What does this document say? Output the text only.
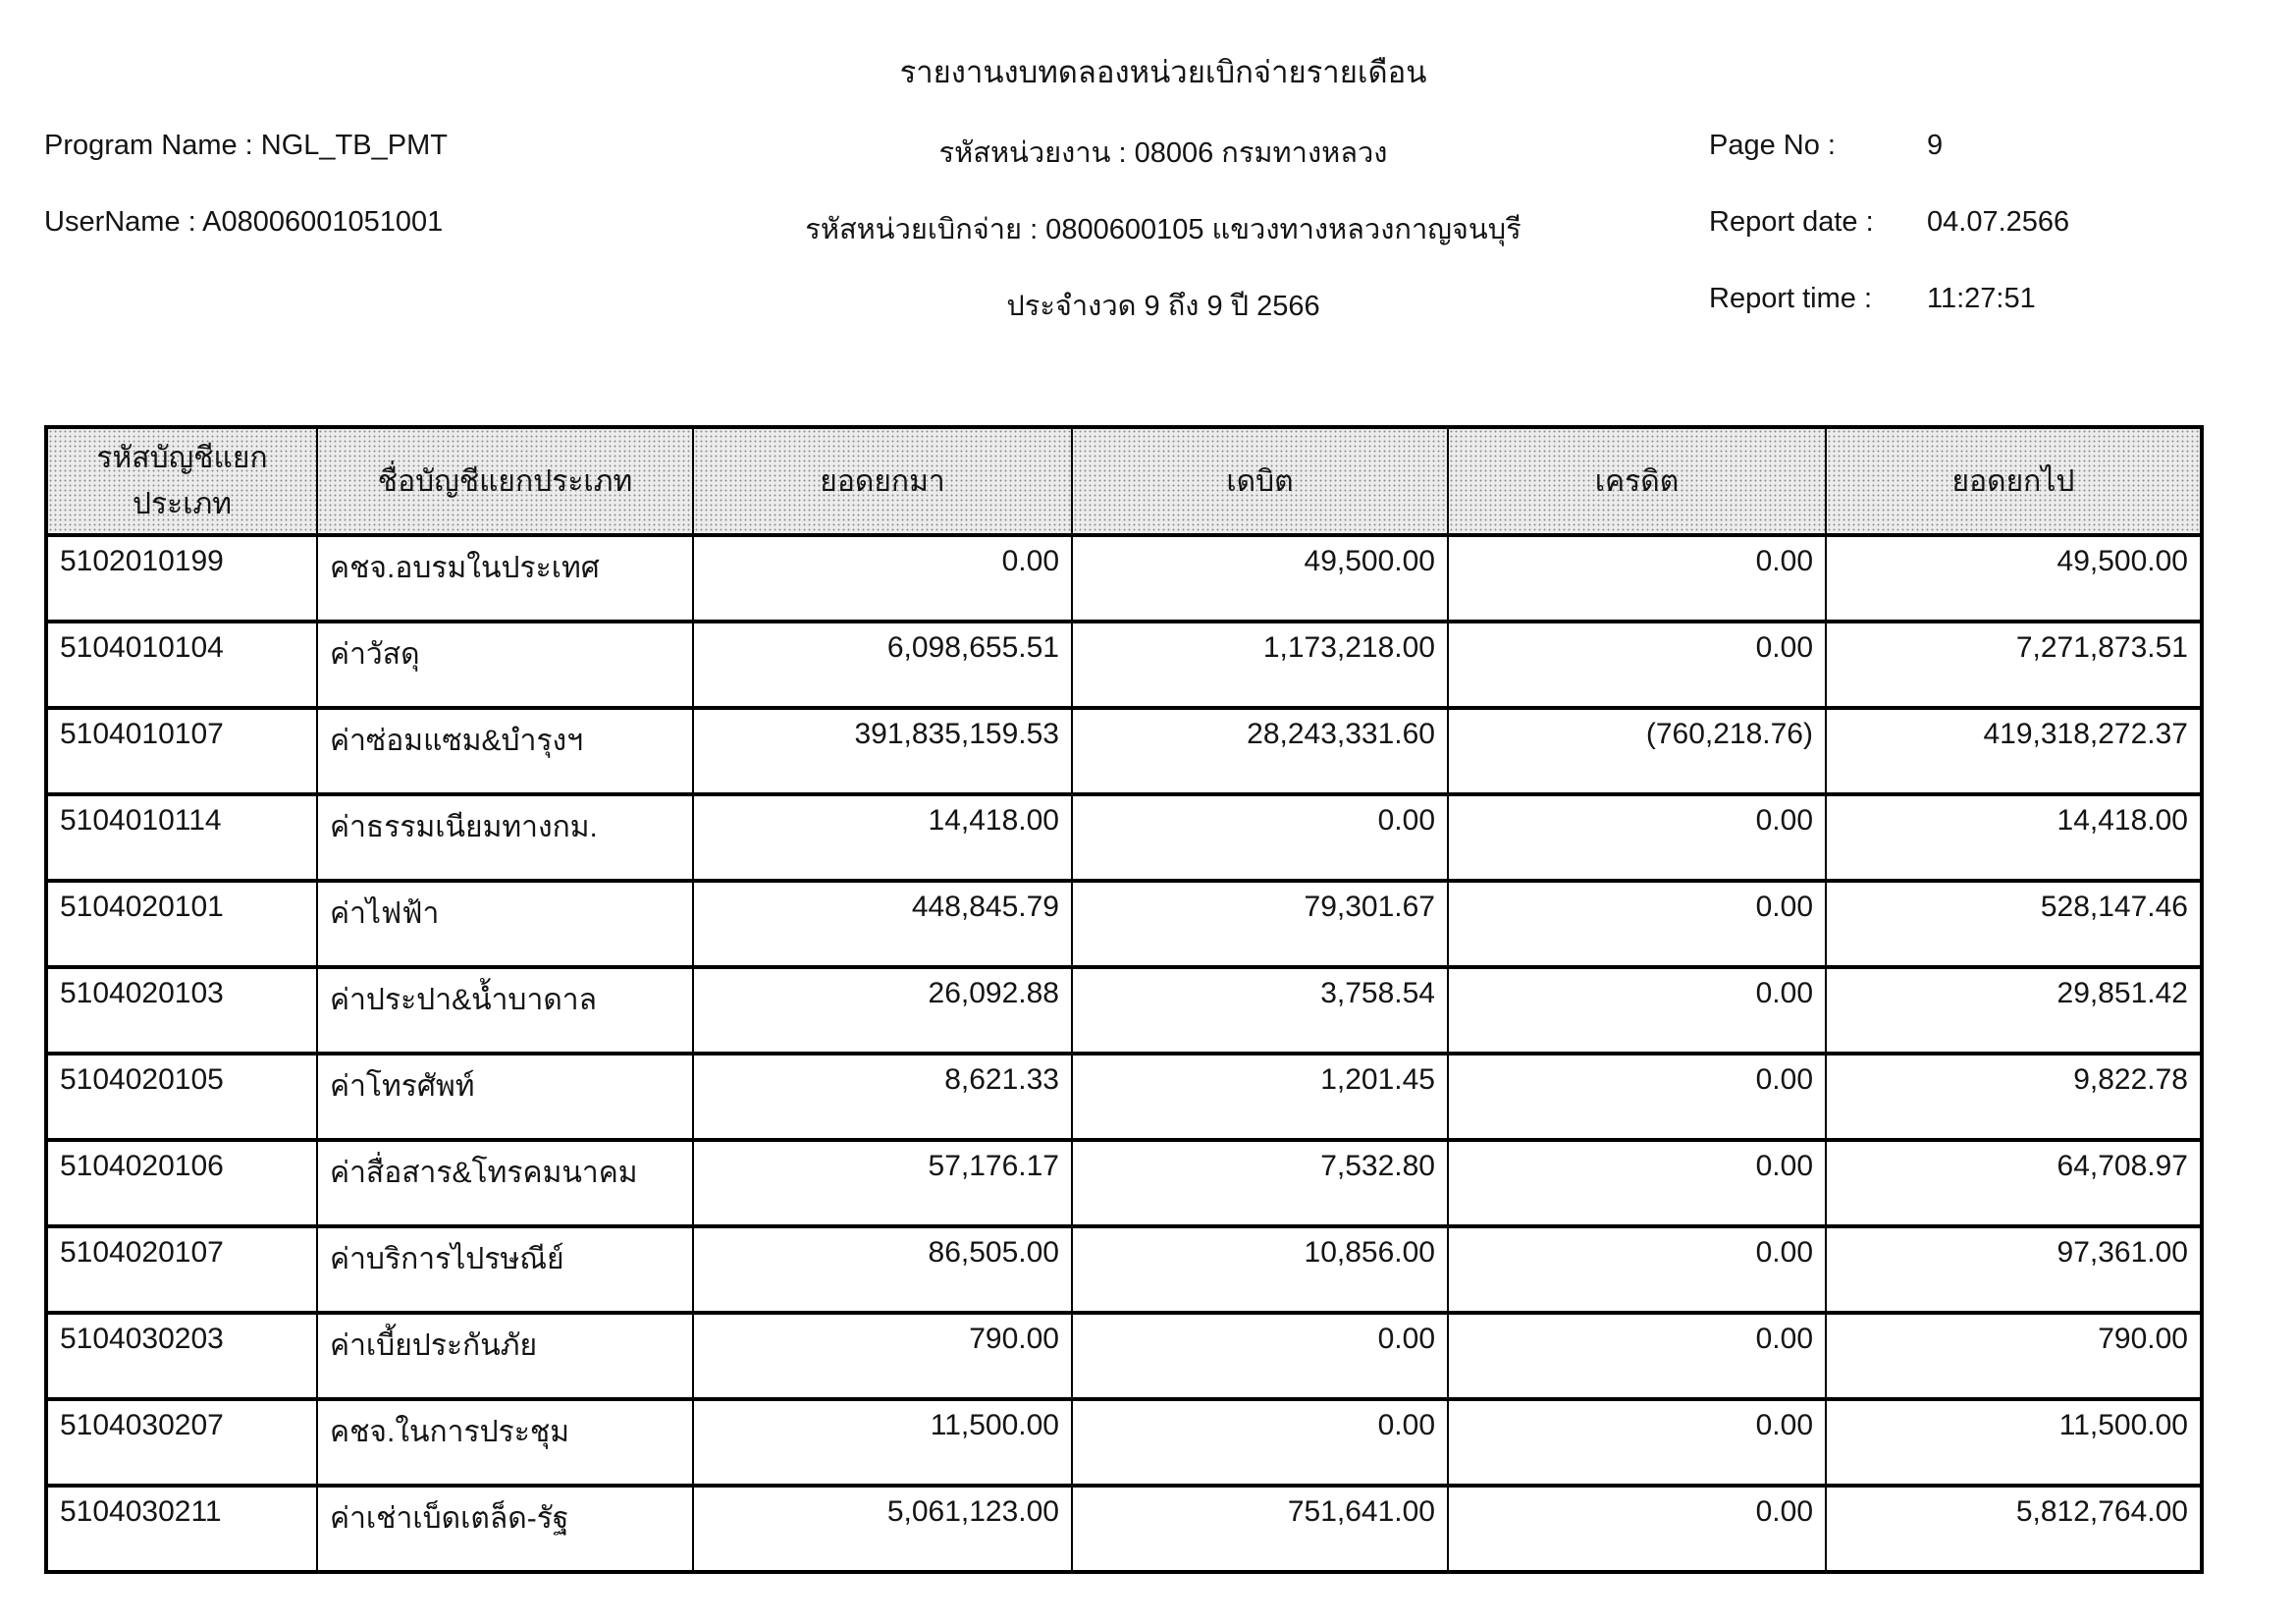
รายงานงบทดลองหน่วยเบิกจ่ายรายเดือน
Program Name : NGL_TB_PMT
UserName : A08006001051001
รหัสหน่วยงาน : 08006 กรมทางหลวง
รหัสหน่วยเบิกจ่าย : 0800600105 แขวงทางหลวงกาญจนบุรี
ประจำงวด 9 ถึง 9 ปี 2566
Page No :	9
Report date : 04.07.2566
Report time : 11:27:51
รหัสบัญชีแยกประเภท	ชื่อบัญชีแยกประเภท	ยอดยกมา	เดบิต	เครดิต	ยอดยกไป
5102010199	คชจ.อบรมในประเทศ	0.00	49,500.00	0.00	49,500.00
5104010104	ค่าวัสดุ	6,098,655.51	1,173,218.00	0.00	7,271,873.51
5104010107	ค่าซ่อมแซม&บำรุงฯ	391,835,159.53	28,243,331.60	(760,218.76)	419,318,272.37
5104010114	ค่าธรรมเนียมทางกม.	14,418.00	0.00	0.00	14,418.00
5104020101	ค่าไฟฟ้า	448,845.79	79,301.67	0.00	528,147.46
5104020103	ค่าประปา&น้ำบาดาล	26,092.88	3,758.54	0.00	29,851.42
5104020105	ค่าโทรศัพท์	8,621.33	1,201.45	0.00	9,822.78
5104020106	ค่าสื่อสาร&โทรคมนาคม	57,176.17	7,532.80	0.00	64,708.97
5104020107	ค่าบริการไปรษณีย์	86,505.00	10,856.00	0.00	97,361.00
5104030203	ค่าเบี้ยประกันภัย	790.00	0.00	0.00	790.00
5104030207	คชจ.ในการประชุม	11,500.00	0.00	0.00	11,500.00
5104030211	ค่าเช่าเบ็ดเตล็ด-รัฐ	5,061,123.00	751,641.00	0.00	5,812,764.00
